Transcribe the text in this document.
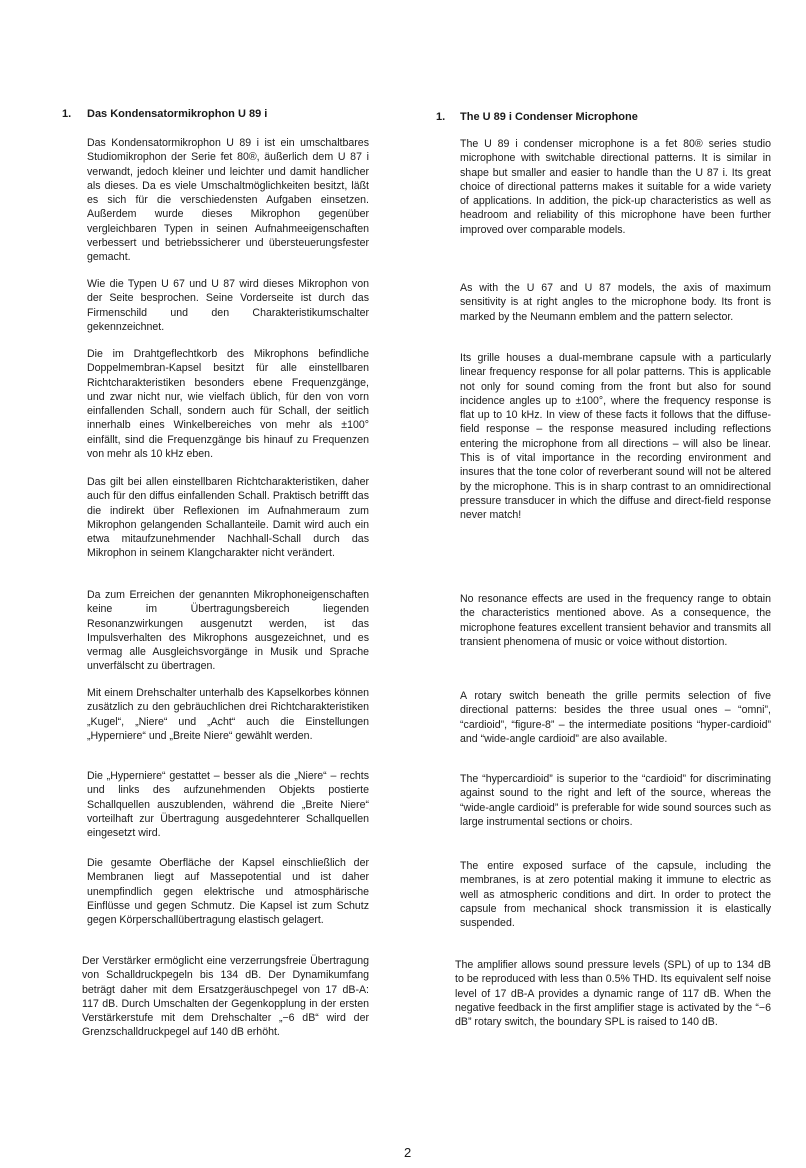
1. Das Kondensatormikrophon U 89 i
Das Kondensatormikrophon U 89 i ist ein umschaltbares Studiomikrophon der Serie fet 80®, äußerlich dem U 87 i verwandt, jedoch kleiner und leichter und damit handlicher als dieses. Da es viele Umschaltmöglichkeiten besitzt, läßt es sich für die verschiedensten Aufgaben einsetzen. Außerdem wurde dieses Mikrophon gegenüber vergleichbaren Typen in seinen Aufnahmeeigenschaften verbessert und betriebssicherer und übersteuerungsfester gemacht.
Wie die Typen U 67 und U 87 wird dieses Mikrophon von der Seite besprochen. Seine Vorderseite ist durch das Firmenschild und den Charakteristikumschalter gekennzeichnet.
Die im Drahtgeflechtkorb des Mikrophons befindliche Doppelmembran-Kapsel besitzt für alle einstellbaren Richtcharakteristiken besonders ebene Frequenzgänge, und zwar nicht nur, wie vielfach üblich, für den von vorn einfallenden Schall, sondern auch für Schall, der seitlich innerhalb eines Winkelbereiches von mehr als ±100° einfällt, sind die Frequenzgänge bis hinauf zu Frequenzen von mehr als 10 kHz eben.
Das gilt bei allen einstellbaren Richtcharakteristiken, daher auch für den diffus einfallenden Schall. Praktisch betrifft das die indirekt über Reflexionen im Aufnahmeraum zum Mikrophon gelangenden Schallanteile. Damit wird auch ein etwa mitaufzunehmender Nachhall-Schall durch das Mikrophon in seinem Klangcharakter nicht verändert.
Da zum Erreichen der genannten Mikrophoneigenschaften keine im Übertragungsbereich liegenden Resonanzwirkungen ausgenutzt werden, ist das Impulsverhalten des Mikrophons ausgezeichnet, und es vermag alle Ausgleichsvorgänge in Musik und Sprache unverfälscht zu übertragen.
Mit einem Drehschalter unterhalb des Kapselkorbes können zusätzlich zu den gebräuchlichen drei Richtcharakteristiken „Kugel“, „Niere“ und „Acht“ auch die Einstellungen „Hyperniere“ und „Breite Niere“ gewählt werden.
Die „Hyperniere“ gestattet – besser als die „Niere“ – rechts und links des aufzunehmenden Objekts postierte Schallquellen auszublenden, während die „Breite Niere“ vorteilhaft zur Übertragung ausgedehnterer Schallquellen eingesetzt wird.
Die gesamte Oberfläche der Kapsel einschließlich der Membranen liegt auf Massepotential und ist daher unempfindlich gegen elektrische und atmosphärische Einflüsse und gegen Schmutz. Die Kapsel ist zum Schutz gegen Körperschallübertragung elastisch gelagert.
Der Verstärker ermöglicht eine verzerrungsfreie Übertragung von Schalldruckpegeln bis 134 dB. Der Dynamikumfang beträgt daher mit dem Ersatzgeräuschpegel von 17 dB-A: 117 dB. Durch Umschalten der Gegenkopplung in der ersten Verstärkerstufe mit dem Drehschalter „−6 dB“ wird der Grenzschalldruckpegel auf 140 dB erhöht.
1. The U 89 i Condenser Microphone
The U 89 i condenser microphone is a fet 80® series studio microphone with switchable directional patterns. It is similar in shape but smaller and easier to handle than the U 87 i. Its great choice of directional patterns makes it suitable for a wide variety of applications. In addition, the pick-up characteristics as well as headroom and reliability of this microphone have been further improved over comparable models.
As with the U 67 and U 87 models, the axis of maximum sensitivity is at right angles to the microphone body. Its front is marked by the Neumann emblem and the pattern selector.
Its grille houses a dual-membrane capsule with a particularly linear frequency response for all polar patterns. This is applicable not only for sound coming from the front but also for sound incidence angles up to ±100°, where the frequency response is flat up to 10 kHz. In view of these facts it follows that the diffuse-field response – the response measured including reflections entering the microphone from all directions – will also be linear. This is of vital importance in the recording environment and insures that the tone color of reverberant sound will not be altered by the microphone. This is in sharp contrast to an omnidirectional pressure transducer in which the diffuse and direct-field response never match!
No resonance effects are used in the frequency range to obtain the characteristics mentioned above. As a consequence, the microphone features excellent transient behavior and transmits all transient phenomena of music or voice without distortion.
A rotary switch beneath the grille permits selection of five directional patterns: besides the three usual ones – “omni”, “cardioid”, “figure-8” – the intermediate positions “hyper-cardioid” and “wide-angle cardioid” are also available.
The “hypercardioid” is superior to the “cardioid” for discriminating against sound to the right and left of the source, whereas the “wide-angle cardioid” is preferable for wide sound sources such as large instrumental sections or choirs.
The entire exposed surface of the capsule, including the membranes, is at zero potential making it immune to electric as well as atmospheric conditions and dirt. In order to protect the capsule from mechanical shock transmission it is elastically suspended.
The amplifier allows sound pressure levels (SPL) of up to 134 dB to be reproduced with less than 0.5% THD. Its equivalent self noise level of 17 dB-A provides a dynamic range of 117 dB. When the negative feedback in the first amplifier stage is activated by the “−6 dB” rotary switch, the boundary SPL is raised to 140 dB.
2
